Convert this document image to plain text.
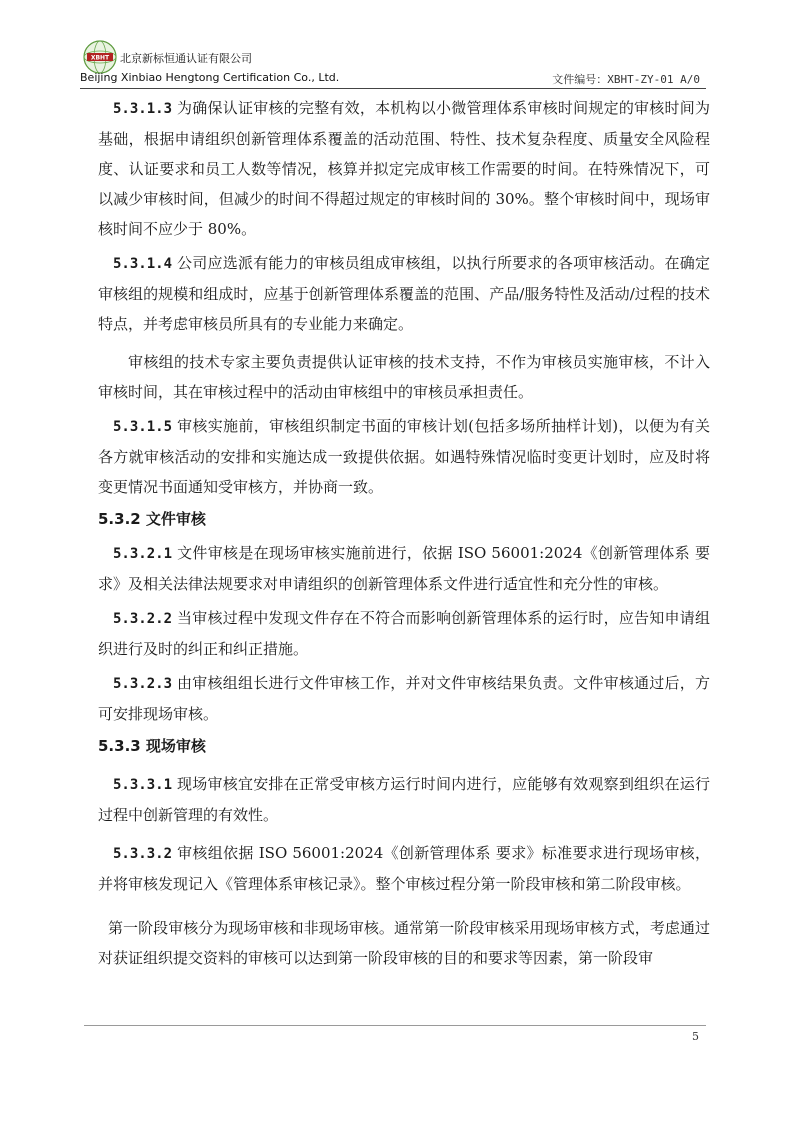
XBHT 北京新标恒通认证有限公司
Beijing Xinbiao Hengtong Certification Co., Ltd.	文件编号：XBHT-ZY-01 A/0

5.3.1.3 为确保认证审核的完整有效，本机构以小微管理体系审核时间规定的审核时间为基础，根据申请组织创新管理体系覆盖的活动范围、特性、技术复杂程度、质量安全风险程度、认证要求和员工人数等情况，核算并拟定完成审核工作需要的时间。在特殊情况下，可以减少审核时间，但减少的时间不得超过规定的审核时间的 30%。整个审核时间中，现场审核时间不应少于 80%。

5.3.1.4 公司应选派有能力的审核员组成审核组，以执行所要求的各项审核活动。在确定审核组的规模和组成时，应基于创新管理体系覆盖的范围、产品/服务特性及活动/过程的技术特点，并考虑审核员所具有的专业能力来确定。

审核组的技术专家主要负责提供认证审核的技术支持，不作为审核员实施审核，不计入审核时间，其在审核过程中的活动由审核组中的审核员承担责任。

5.3.1.5 审核实施前，审核组织制定书面的审核计划(包括多场所抽样计划)，以便为有关各方就审核活动的安排和实施达成一致提供依据。如遇特殊情况临时变更计划时，应及时将变更情况书面通知受审核方，并协商一致。

5.3.2 文件审核

5.3.2.1 文件审核是在现场审核实施前进行，依据 ISO 56001:2024《创新管理体系 要求》及相关法律法规要求对申请组织的创新管理体系文件进行适宜性和充分性的审核。

5.3.2.2 当审核过程中发现文件存在不符合而影响创新管理体系的运行时，应告知申请组织进行及时的纠正和纠正措施。

5.3.2.3 由审核组组长进行文件审核工作，并对文件审核结果负责。文件审核通过后，方可安排现场审核。

5.3.3 现场审核

5.3.3.1 现场审核宜安排在正常受审核方运行时间内进行，应能够有效观察到组织在运行过程中创新管理的有效性。

5.3.3.2 审核组依据 ISO 56001:2024《创新管理体系 要求》标准要求进行现场审核，并将审核发现记入《管理体系审核记录》。整个审核过程分第一阶段审核和第二阶段审核。

第一阶段审核分为现场审核和非现场审核。通常第一阶段审核采用现场审核方式，考虑通过对获证组织提交资料的审核可以达到第一阶段审核的目的和要求等因素，第一阶段审

5
